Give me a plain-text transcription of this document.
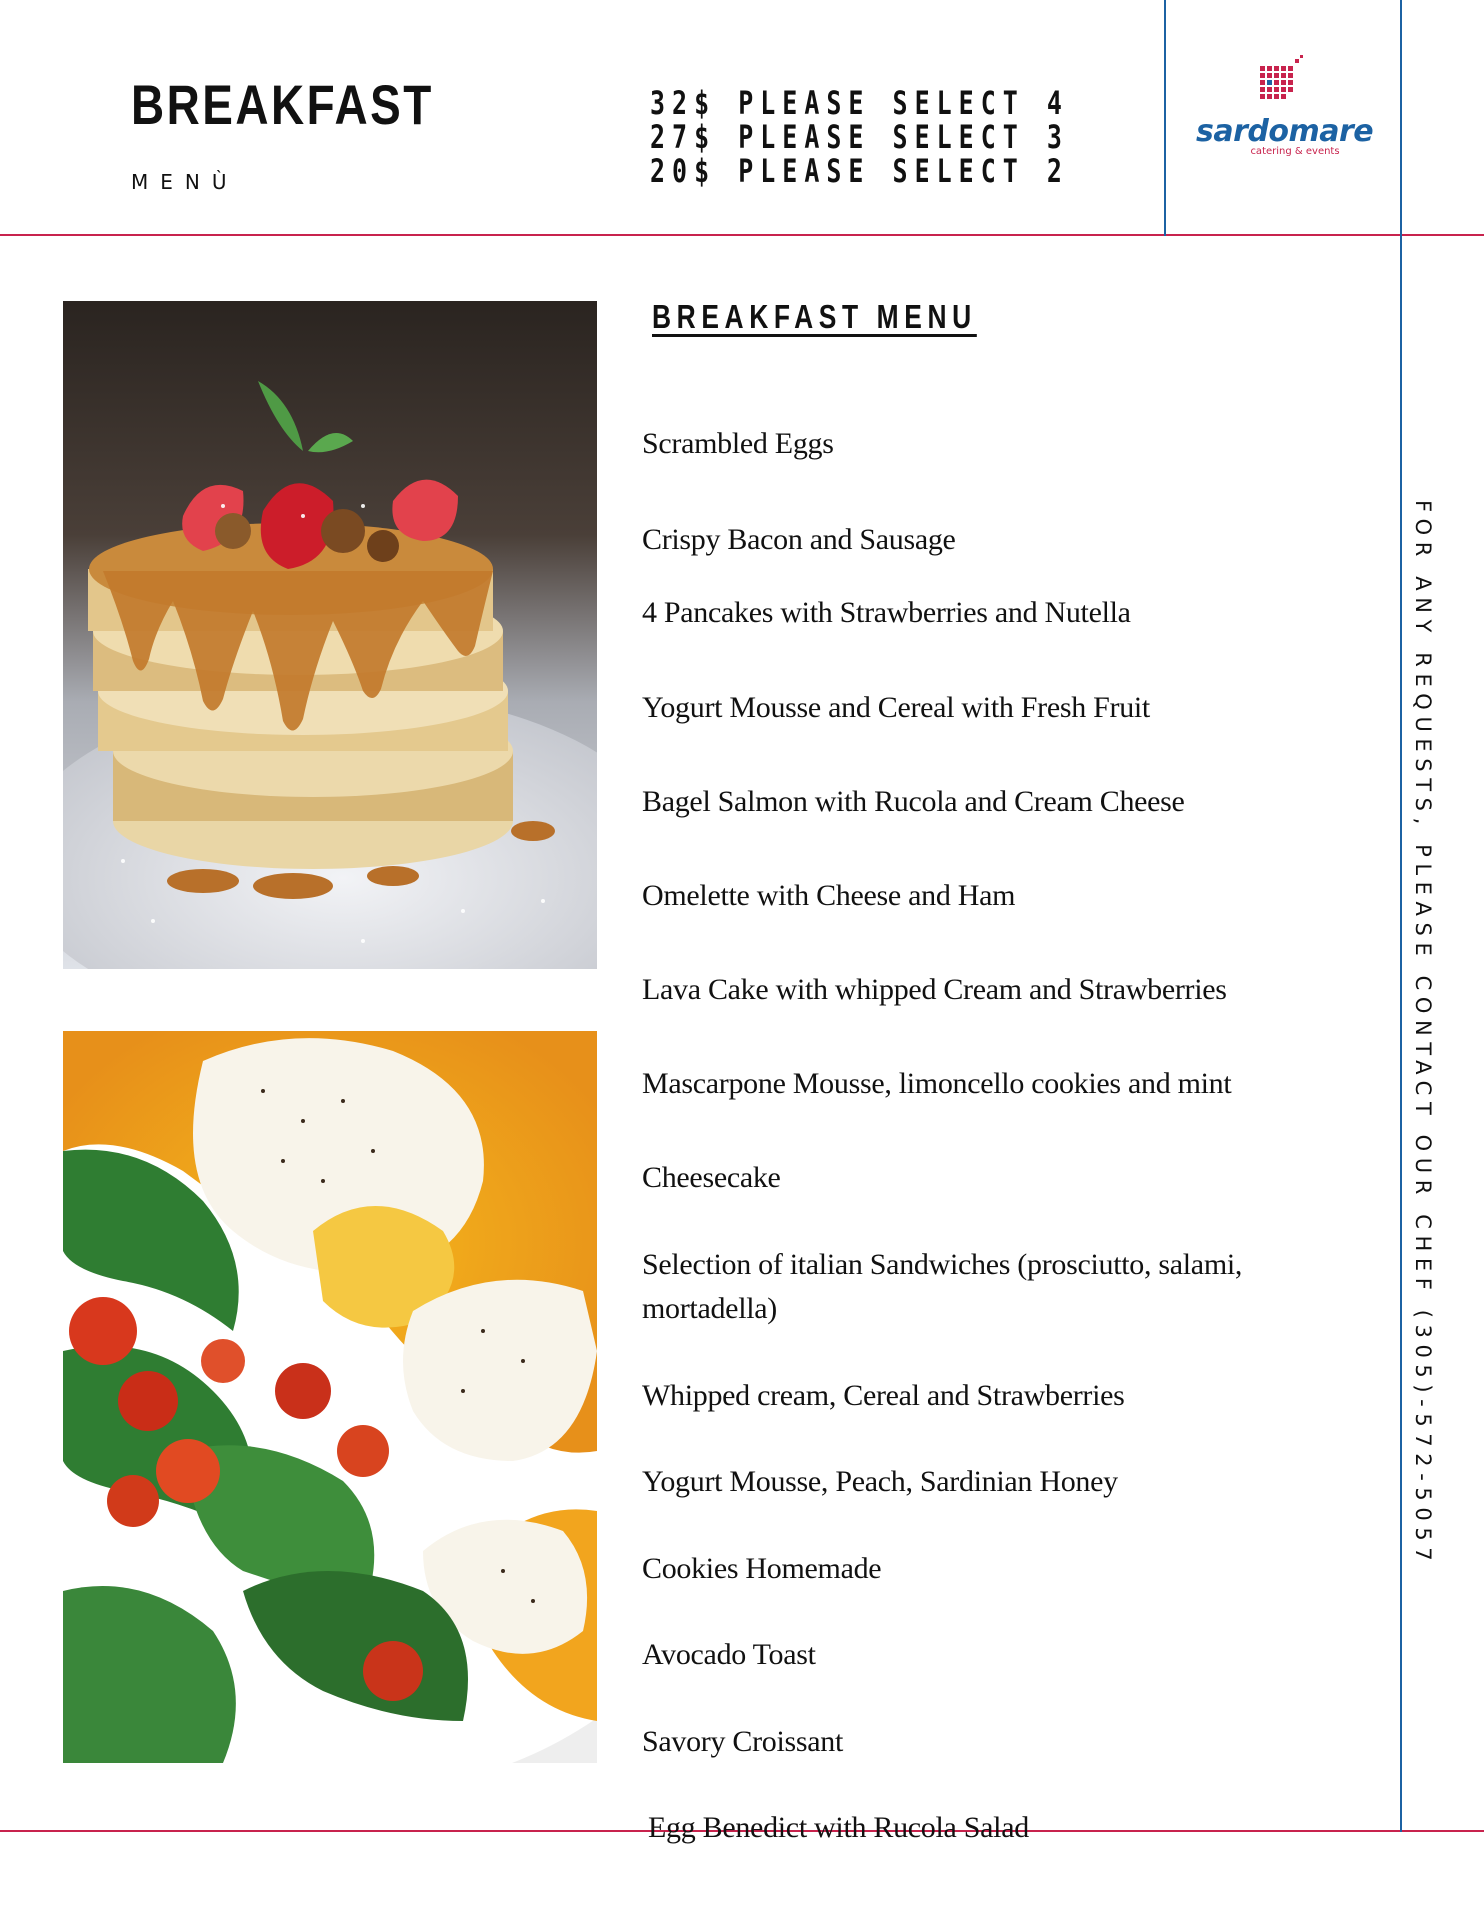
BREAKFAST
MENÙ
32$ PLEASE SELECT 4
27$ PLEASE SELECT 3
20$ PLEASE SELECT 2
sardomare
catering & events
BREAKFAST MENU
Scrambled Eggs
Crispy Bacon and Sausage
4 Pancakes with Strawberries and Nutella
Yogurt Mousse and Cereal with Fresh Fruit
Bagel Salmon with Rucola and Cream Cheese
Omelette with Cheese and Ham
Lava Cake with whipped Cream and Strawberries
Mascarpone Mousse, limoncello cookies and mint
Cheesecake
Selection of italian Sandwiches (prosciutto, salami, mortadella)
Whipped cream, Cereal and Strawberries
Yogurt Mousse, Peach, Sardinian Honey
Cookies Homemade
Avocado Toast
Savory Croissant
Egg Benedict with Rucola Salad
FOR ANY REQUESTS, PLEASE CONTACT OUR CHEF (305)-572-5057
